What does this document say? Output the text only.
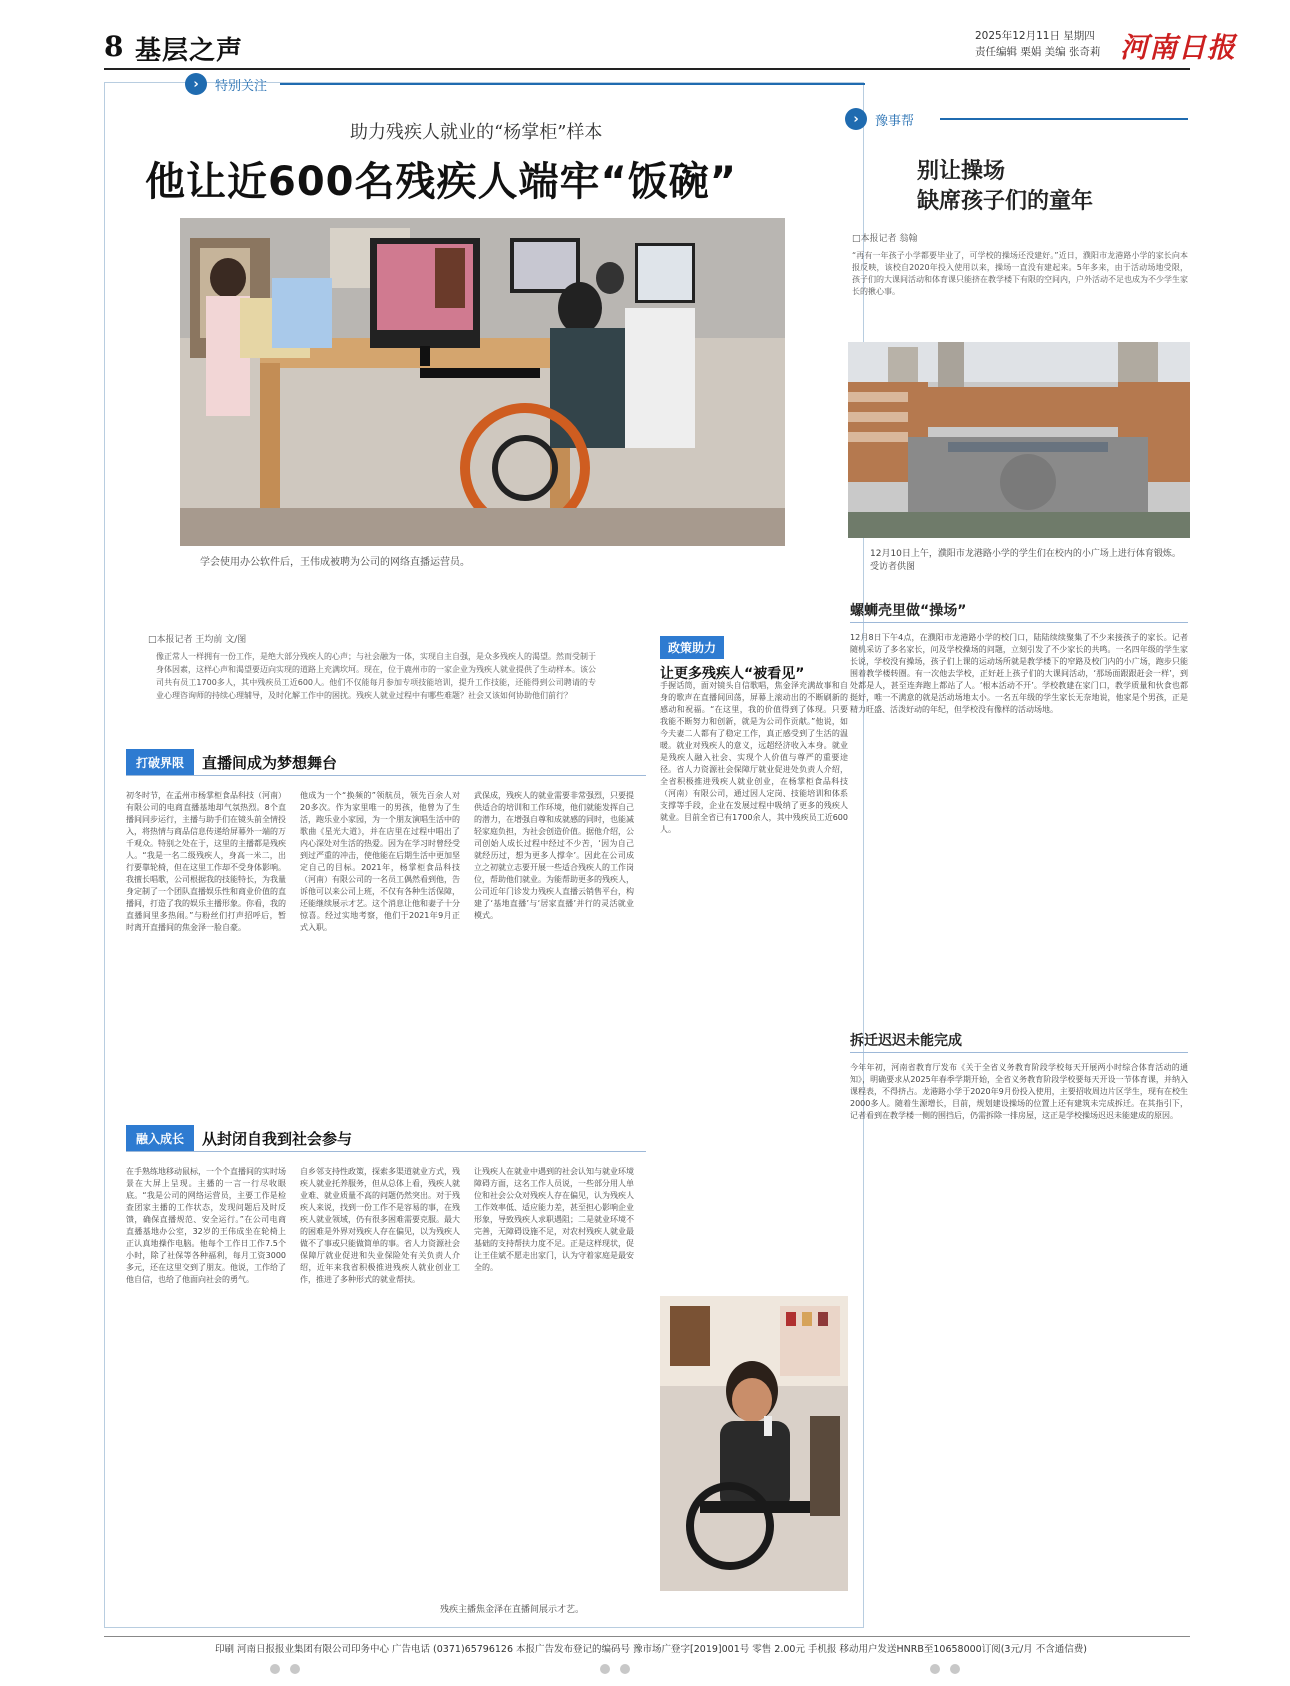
8 基层之声	2025年12月11日 星期四
责任编辑 栗娟 美编 张奇莉 河南日报
›	特别关注
助力残疾人就业的“杨掌柜”样本
他让近600名残疾人端牢“饭碗”
学会使用办公软件后，王伟成被聘为公司的网络直播运营员。
□本报记者 王均前 文/图
像正常人一样拥有一份工作，是绝大部分残疾人的心声；与社会融为一体，实现自主自强，是众多残疾人的渴望。然而受制于身体因素，这样心声和渴望要迈向实现的道路上充满坎坷。现在，位于鹿州市的一家企业为残疾人就业提供了生动样本。该公司共有员工1700多人，其中残疾员工近600人。他们不仅能每月参加专项技能培训，提升工作技能，还能得到公司聘请的专业心理咨询师的持续心理辅导，及时化解工作中的困扰。残疾人就业过程中有哪些难题？社会又该如何协助他们前行？
政策助力
让更多残疾人“被看见”
手握话筒，面对镜头自信歌唱，焦金泽充满故事和自身的歌声在直播间回荡，屏幕上滚动出的不断刷新的感动和祝福。“在这里，我的价值得到了体现。只要我能不断努力和创新，就是为公司作贡献。”他说，如今夫妻二人都有了稳定工作，真正感受到了生活的温暖。就业对残疾人的意义，远超经济收入本身。就业是残疾人融入社会、实现个人价值与尊严的重要途径。省人力资源社会保障厅就业促进处负责人介绍，全省积极推进残疾人就业创业，在杨掌柜食品科技（河南）有限公司，通过因人定岗、技能培训和体系支撑等手段，企业在发展过程中吸纳了更多的残疾人就业。目前全省已有1700余人，其中残疾员工近600人。
打破界限	直播间成为梦想舞台
初冬时节，在孟州市杨掌柜食品科技（河南）有限公司的电商直播基地却气氛热烈。8个直播间同步运行，主播与助手们在镜头前全情投入，将热情与商品信息传递给屏幕外一端的万千观众。特别之处在于，这里的主播都是残疾人。“我是一名二级残疾人，身高一米二，出行要靠轮椅，但在这里工作却不受身体影响。我擅长唱歌，公司根据我的技能特长，为我量身定制了一个团队直播娱乐性和商业价值的直播间，打造了我的娱乐主播形象。你看，我的直播间里多热闹。”与粉丝们打声招呼后，暂时离开直播间的焦金泽一脸自豪。
他成为一个“换频的”领航员，领先百余人对20多次。作为家里唯一的男孩，他曾为了生活，跑乐业小家园，为一个朋友演唱生活中的歌曲《星光大道》，并在店里在过程中唱出了内心深处对生活的热爱。因为在学习时曾经受到过严重的冲击，使他能在后期生活中更加坚定自己的目标。2021年，杨掌柜食品科技（河南）有限公司的一名员工偶然看到他，告诉他可以来公司上班，不仅有各种生活保障，还能继续展示才艺。这个消息让他和妻子十分惊喜。经过实地考察，他们于2021年9月正式入职。
武保成，残疾人的就业需要非常强烈，只要提供适合的培训和工作环境，他们就能发挥自己的潜力，在增强自尊和成就感的同时，也能减轻家庭负担，为社会创造价值。据他介绍，公司创始人成长过程中经过不少苦，‘因为自己就经历过，想为更多人撑伞’。因此在公司成立之初就立志要开展一些适合残疾人的工作岗位，帮助他们就业。为能帮助更多的残疾人，公司近年门诊发力残疾人直播云销售平台，构建了‘基地直播’与‘居家直播’并行的灵活就业模式。
融入成长	从封闭自我到社会参与
在手熟练地移动鼠标，一个个直播间的实时场景在大屏上呈现。主播的一言一行尽收眼底。“我是公司的网络运营员，主要工作是检查团家主播的工作状态，发现问题后及时反馈，确保直播规范、安全运行。”在公司电商直播基地办公室，32岁的王伟成坐在轮椅上正认真地操作电脑。他每个工作日工作7.5个小时，除了社保等各种福利，每月工资3000多元，还在这里交到了朋友。他说，工作给了他自信，也给了他面向社会的勇气。
自乡邻支持性政策，探索多渠道就业方式，残疾人就业托养服务，但从总体上看，残疾人就业难、就业质量不高的问题仍然突出。对于残疾人来说，找到一份工作不是容易的事，在残疾人就业领域，仍有很多困难需要克服。最大的困难是外界对残疾人存在偏见，以为残疾人做不了事或只能做简单的事。省人力资源社会保障厅就业促进和失业保险处有关负责人介绍，近年来我省积极推进残疾人就业创业工作，推进了多种形式的就业帮扶。
让残疾人在就业中遇到的社会认知与就业环境障碍方面，这名工作人员说，一些部分用人单位和社会公众对残疾人存在偏见，认为残疾人工作效率低、适应能力差，甚至担心影响企业形象，导致残疾人求职遇阻；二是就业环境不完善，无障碍设施不足，对农村残疾人就业最基础的支持帮扶力度不足。正是这样现状，促让王佳斌不愿走出家门，认为守着家庭是最安全的。
残疾主播焦金泽在直播间展示才艺。
›	豫事帮
别让操场
缺席孩子们的童年
□本报记者 翁翰
“再有一年孩子小学都要毕业了，可学校的操场还没建好。”近日，濮阳市龙港路小学的家长向本报反映，该校自2020年投入使用以来，操场一直没有建起来。5年多来，由于活动场地受限，孩子们的大课间活动和体育课只能挤在教学楼下有限的空间内，户外活动不足也成为不少学生家长的揪心事。
12月10日上午，濮阳市龙港路小学的学生们在校内的小广场上进行体育锻炼。 受访者供图
螺蛳壳里做“操场”
12月8日下午4点，在濮阳市龙港路小学的校门口，陆陆续续聚集了不少来接孩子的家长。记者随机采访了多名家长，问及学校操场的问题，立刻引发了不少家长的共鸣。一名四年级的学生家长说，学校没有操场，孩子们上课的运动场所就是教学楼下的窄路及校门内的小广场，跑步只能围着教学楼转圈。有一次他去学校，正好赶上孩子们的大课间活动，‘那场面跟跟赶会一样’，到处都是人，甚至连奔跑上都站了人。‘根本活动不开’。学校教建在家门口，教学质量和伙食也都挺好，唯一不满意的就是活动场地太小。一名五年级的学生家长无奈地说，他家是个男孩，正是精力旺盛、活泼好动的年纪，但学校没有像样的活动场地。
拆迁迟迟未能完成
今年年初，河南省教育厅发布《关于全省义务教育阶段学校每天开展两小时综合体育活动的通知》，明确要求从2025年春季学期开始，全省义务教育阶段学校要每天开设一节体育课，并纳入课程表，不得挤占。龙港路小学于2020年9月份投入使用，主要招收周边片区学生，现有在校生2000多人。随着生源增长，目前，规划建设操场的位置上还有建筑未完成拆迁。在其指引下，记者看到在教学楼一侧的围挡后，仍需拆除一排房屋，这正是学校操场迟迟未能建成的原因。
印刷 河南日报报业集团有限公司印务中心 广告电话 (0371)65796126 本报广告发布登记的编码号 豫市场广登字[2019]001号 零售 2.00元 手机报 移动用户发送HNRB至10658000订阅(3元/月 不含通信费)
